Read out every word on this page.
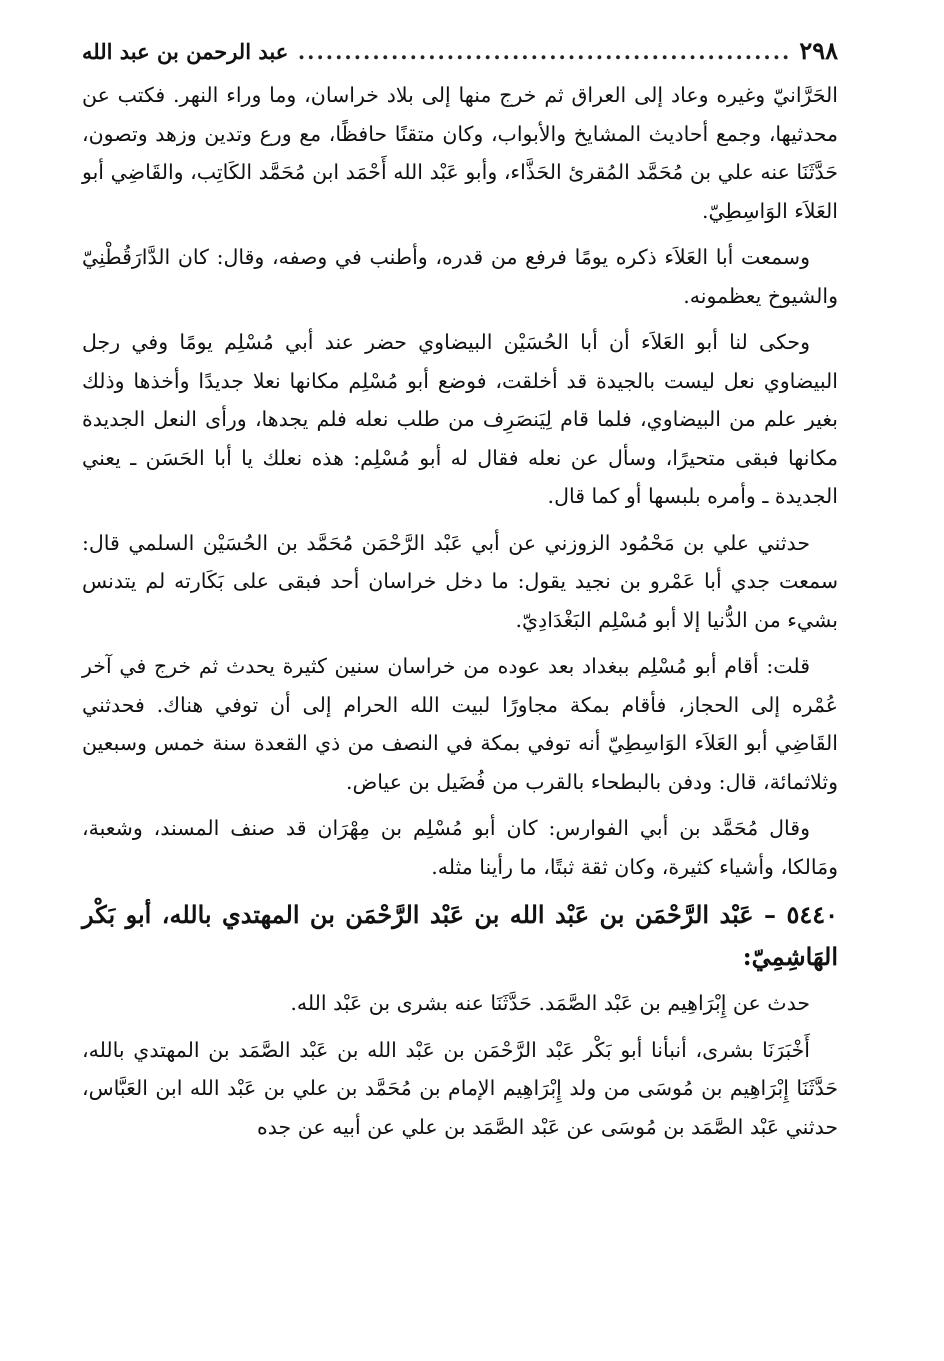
٢٩٨
.....
عبد الرحمن بن عبد الله

الحَرَّانيّ وغيره وعاد إلى العراق ثم خرج منها إلى بلاد خراسان، وما وراء النهر. فكتب عن محدثيها، وجمع أحاديث المشايخ والأبواب، وكان متقنًا حافظًا، مع ورع وتدين وزهد وتصون، حَدَّثَنَا عنه علي بن مُحَمَّد المُقرئ الحَذَّاء، وأبو عَبْد الله أَحْمَد ابن مُحَمَّد الكَاتِب، والقَاضِي أبو العَلاَء الوَاسِطِيّ.

وسمعت أبا العَلاَء ذكره يومًا فرفع من قدره، وأطنب في وصفه، وقال: كان الدَّارَقُطْنِيّ والشيوخ يعظمونه.

وحكى لنا أبو العَلاَء أن أبا الحُسَيْن البيضاوي حضر عند أبي مُسْلِم يومًا وفي رجل البيضاوي نعل ليست بالجيدة قد أخلقت، فوضع أبو مُسْلِم مكانها نعلا جديدًا وأخذها وذلك بغير علم من البيضاوي، فلما قام لِيَنصَرِف من طلب نعله فلم يجدها، ورأى النعل الجديدة مكانها فبقى متحيرًا، وسأل عن نعله فقال له أبو مُسْلِم: هذه نعلك يا أبا الحَسَن ـ يعني الجديدة ـ وأمره بلبسها أو كما قال.

حدثني علي بن مَحْمُود الزوزني عن أبي عَبْد الرَّحْمَن مُحَمَّد بن الحُسَيْن السلمي قال: سمعت جدي أبا عَمْرو بن نجيد يقول: ما دخل خراسان أحد فبقى على بَكَارته لم يتدنس بشيء من الدُّنيا إلا أبو مُسْلِم البَغْدَادِيّ.

قلت: أقام أبو مُسْلِم ببغداد بعد عوده من خراسان سنين كثيرة يحدث ثم خرج في آخر عُمْره إلى الحجاز، فأقام بمكة مجاورًا لبيت الله الحرام إلى أن توفي هناك. فحدثني القَاضِي أبو العَلاَء الوَاسِطِيّ أنه توفي بمكة في النصف من ذي القعدة سنة خمس وسبعين وثلاثمائة، قال: ودفن بالبطحاء بالقرب من فُضَيل بن عياض.

وقال مُحَمَّد بن أبي الفوارس: كان أبو مُسْلِم بن مِهْرَان قد صنف المسند، وشعبة، ومَالكا، وأشياء كثيرة، وكان ثقة ثبتًا، ما رأينا مثله.

٥٤٤٠ – عَبْد الرَّحْمَن بن عَبْد الله بن عَبْد الرَّحْمَن بن المهتدي بالله، أبو بَكْر الهَاشِمِيّ:

حدث عن إِبْرَاهِيم بن عَبْد الصَّمَد. حَدَّثَنَا عنه بشرى بن عَبْد الله.

أَخْبَرَنَا بشرى، أنبأنا أبو بَكْر عَبْد الرَّحْمَن بن عَبْد الله بن عَبْد الصَّمَد بن المهتدي بالله، حَدَّثَنَا إِبْرَاهِيم بن مُوسَى من ولد إِبْرَاهِيم الإمام بن مُحَمَّد بن علي بن عَبْد الله ابن العَبَّاس، حدثني عَبْد الصَّمَد بن مُوسَى عن عَبْد الصَّمَد بن علي عن أبيه عن جده
